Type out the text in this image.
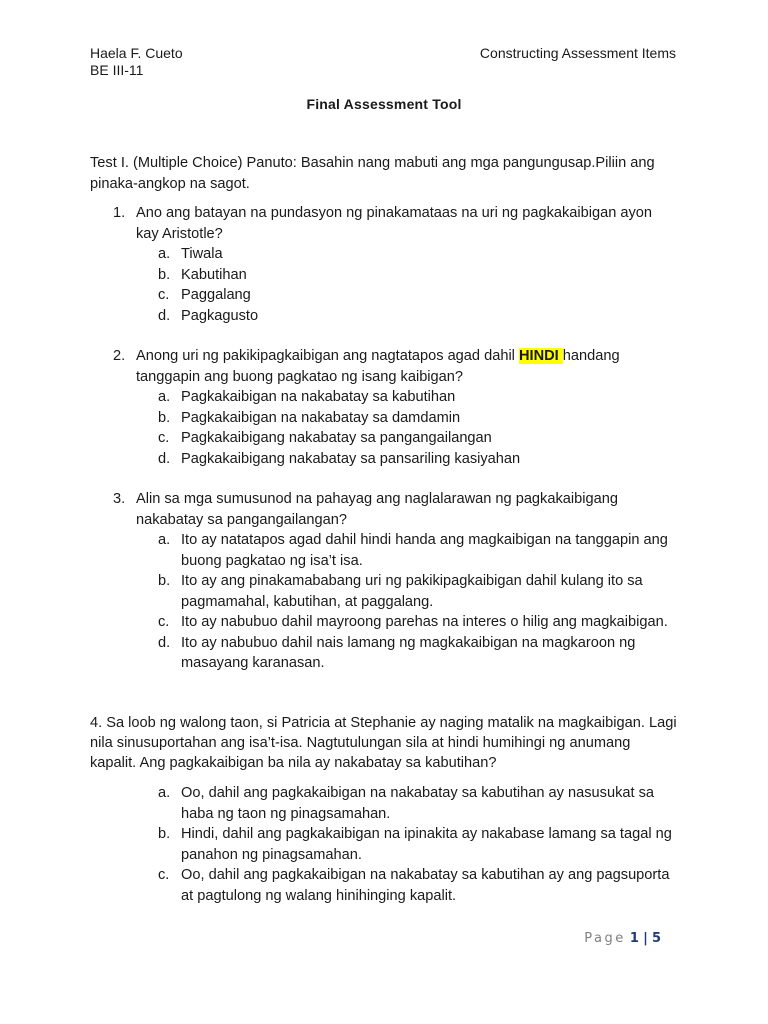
Haela F. Cueto
BE III-11
Constructing Assessment Items
Final Assessment Tool
Test I. (Multiple Choice) Panuto: Basahin nang mabuti ang mga pangungusap.Piliin ang pinaka-angkop na sagot.
1. Ano ang batayan na pundasyon ng pinakamataas na uri ng pagkakaibigan ayon kay Aristotle?
a. Tiwala
b. Kabutihan
c. Paggalang
d. Pagkagusto
2. Anong uri ng pakikipagkaibigan ang nagtatapos agad dahil HINDI handang tanggapin ang buong pagkatao ng isang kaibigan?
a. Pagkakaibigan na nakabatay sa kabutihan
b. Pagkakaibigan na nakabatay sa damdamin
c. Pagkakaibigang nakabatay sa pangangailangan
d. Pagkakaibigang nakabatay sa pansariling kasiyahan
3. Alin sa mga sumusunod na pahayag ang naglalarawan ng pagkakaibigang nakabatay sa pangangailangan?
a. Ito ay natatapos agad dahil hindi handa ang magkaibigan na tanggapin ang buong pagkatao ng isa’t isa.
b. Ito ay ang pinakamababang uri ng pakikipagkaibigan dahil kulang ito sa pagmamahal, kabutihan, at paggalang.
c. Ito ay nabubuo dahil mayroong parehas na interes o hilig ang magkaibigan.
d. Ito ay nabubuo dahil nais lamang ng magkakaibigan na magkaroon ng masayang karanasan.
4. Sa loob ng walong taon, si Patricia at Stephanie ay naging matalik na magkaibigan. Lagi nila sinusuportahan ang isa’t-isa. Nagtutulungan sila at hindi humihingi ng anumang kapalit. Ang pagkakaibigan ba nila ay nakabatay sa kabutihan?
a. Oo, dahil ang pagkakaibigan na nakabatay sa kabutihan ay nasusukat sa haba ng taon ng pinagsamahan.
b. Hindi, dahil ang pagkakaibigan na ipinakita ay nakabase lamang sa tagal ng panahon ng pinagsamahan.
c. Oo, dahil ang pagkakaibigan na nakabatay sa kabutihan ay ang pagsuporta at pagtulong ng walang hinihinging kapalit.
Page 1 | 5
